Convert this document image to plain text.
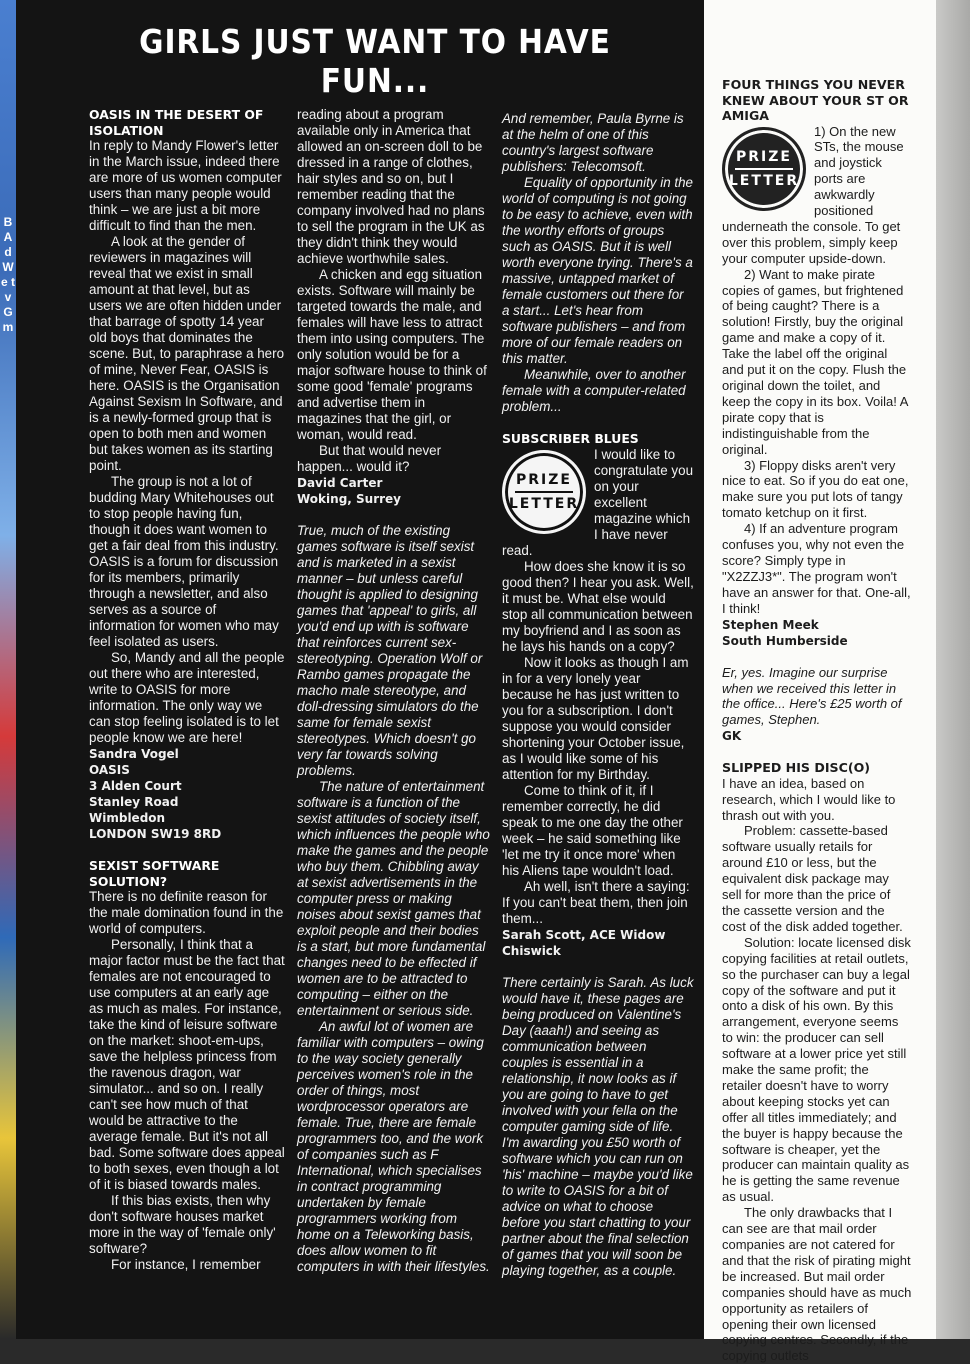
B A d W e t v G m
GIRLS JUST WANT TO HAVE FUN...
OASIS IN THE DESERT OF ISOLATION

In reply to Mandy Flower's letter in the March issue, indeed there are more of us women computer users than many people would think – we are just a bit more difficult to find than the men.

A look at the gender of reviewers in magazines will reveal that we exist in small amount at that level, but as users we are often hidden under that barrage of spotty 14 year old boys that dominates the scene. But, to paraphrase a hero of mine, Never Fear, OASIS is here. OASIS is the Organisation Against Sexism In Software, and is a newly-formed group that is open to both men and women but takes women as its starting point.

The group is not a lot of budding Mary Whitehouses out to stop people having fun, though it does want women to get a fair deal from this industry. OASIS is a forum for discussion for its members, primarily through a newsletter, and also serves as a source of information for women who may feel isolated as users.

So, Mandy and all the people out there who are interested, write to OASIS for more information. The only way we can stop feeling isolated is to let people know we are here!

Sandra Vogel
OASIS
3 Alden Court
Stanley Road
Wimbledon
LONDON SW19 8RD
SEXIST SOFTWARE SOLUTION?

There is no definite reason for the male domination found in the world of computers.

Personally, I think that a major factor must be the fact that females are not encouraged to use computers at an early age as much as males. For instance, take the kind of leisure software on the market: shoot-em-ups, save the helpless princess from the ravenous dragon, war simulator... and so on. I really can't see how much of that would be attractive to the average female. But it's not all bad. Some software does appeal to both sexes, even though a lot of it is biased towards males.

If this bias exists, then why don't software houses market more in the way of 'female only' software?

For instance, I remember

reading about a program available only in America that allowed an on-screen doll to be dressed in a range of clothes, hair styles and so on, but I remember reading that the company involved had no plans to sell the program in the UK as they didn't think they would achieve worthwhile sales.

A chicken and egg situation exists. Software will mainly be targeted towards the male, and females will have less to attract them into using computers. The only solution would be for a major software house to think of some good 'female' programs and advertise them in magazines that the girl, or woman, would read.

But that would never happen... would it?

David Carter
Woking, Surrey

True, much of the existing games software is itself sexist and is marketed in a sexist manner – but unless careful thought is applied to designing games that 'appeal' to girls, all you'd end up with is software that reinforces current sex-stereotyping. Operation Wolf or Rambo games propagate the macho male stereotype, and doll-dressing simulators do the same for female sexist stereotypes. Which doesn't go very far towards solving problems.

The nature of entertainment software is a function of the sexist attitudes of society itself, which influences the people who make the games and the people who buy them. Chibbling away at sexist advertisements in the computer press or making noises about sexist games that exploit people and their bodies is a start, but more fundamental changes need to be effected if women are to be attracted to computing – either on the entertainment or serious side.

An awful lot of women are familiar with computers – owing to the way society generally perceives women's role in the order of things, most wordprocessor operators are female. True, there are female programmers too, and the work of companies such as F International, which specialises in contract programming undertaken by female programmers working from home on a Teleworking basis, does allow women to fit computers in with their lifestyles.

And remember, Paula Byrne is at the helm of one of this country's largest software publishers: Telecomsoft.

Equality of opportunity in the world of computing is not going to be easy to achieve, even with the worthy efforts of groups such as OASIS. But it is well worth everyone trying. There's a massive, untapped market of female customers out there for a start... Let's hear from software publishers – and from more of our female readers on this matter.

Meanwhile, over to another female with a computer-related problem...

SUBSCRIBER BLUES
PRIZE
LETTER

I would like to congratulate you on your excellent magazine which I have never read.

How does she know it is so good then? I hear you ask. Well, it must be. What else would stop all communication between my boyfriend and I as soon as he lays his hands on a copy?

Now it looks as though I am in for a very lonely year because he has just written to you for a subscription. I don't suppose you would consider shortening your October issue, as I would like some of his attention for my Birthday.

Come to think of it, if I remember correctly, he did speak to me one day the other week – he said something like 'let me try it once more' when his Aliens tape wouldn't load.

Ah well, isn't there a saying: If you can't beat them, then join them...

Sarah Scott, ACE Widow
Chiswick

There certainly is Sarah. As luck would have it, these pages are being produced on Valentine's Day (aaah!) and seeing as communication between couples is essential in a relationship, it now looks as if you are going to have to get involved with your fella on the computer gaming side of life. I'm awarding you £50 worth of software which you can run on 'his' machine – maybe you'd like to write to OASIS for a bit of advice on what to choose before you start chatting to your partner about the final selection of games that you will soon be playing together, as a couple.

FOUR THINGS YOU NEVER KNEW ABOUT YOUR ST OR AMIGA
PRIZE
LETTER

1) On the new STs, the mouse and joystick ports are awkwardly positioned underneath the console. To get over this problem, simply keep your computer upside-down.

2) Want to make pirate copies of games, but frightened of being caught? There is a solution! Firstly, buy the original game and make a copy of it. Take the label off the original and put it on the copy. Flush the original down the toilet, and keep the copy in its box. Voila! A pirate copy that is indistinguishable from the original.

3) Floppy disks aren't very nice to eat. So if you do eat one, make sure you put lots of tangy tomato ketchup on it first.

4) If an adventure program confuses you, why not even the score? Simply type in "X2ZZJ3*". The program won't have an answer for that. One-all, I think!

Stephen Meek
South Humberside

Er, yes. Imagine our surprise when we received this letter in the office... Here's £25 worth of games, Stephen.

GK
SLIPPED HIS DISC(O)

I have an idea, based on research, which I would like to thrash out with you.

Problem: cassette-based software usually retails for around £10 or less, but the equivalent disk package may sell for more than the price of the cassette version and the cost of the disk added together.

Solution: locate licensed disk copying facilities at retail outlets, so the purchaser can buy a legal copy of the software and put it onto a disk of his own. By this arrangement, everyone seems to win: the producer can sell software at a lower price yet still make the same profit; the retailer doesn't have to worry about keeping stocks yet can offer all titles immediately; and the buyer is happy because the software is cheaper, yet the producer can maintain quality as he is getting the same revenue as usual.

The only drawbacks that I can see are that mail order companies are not catered for and that the risk of pirating might be increased. But mail order companies should have as much opportunity as retailers of opening their own licensed copying centres. Secondly, if the copying outlets
